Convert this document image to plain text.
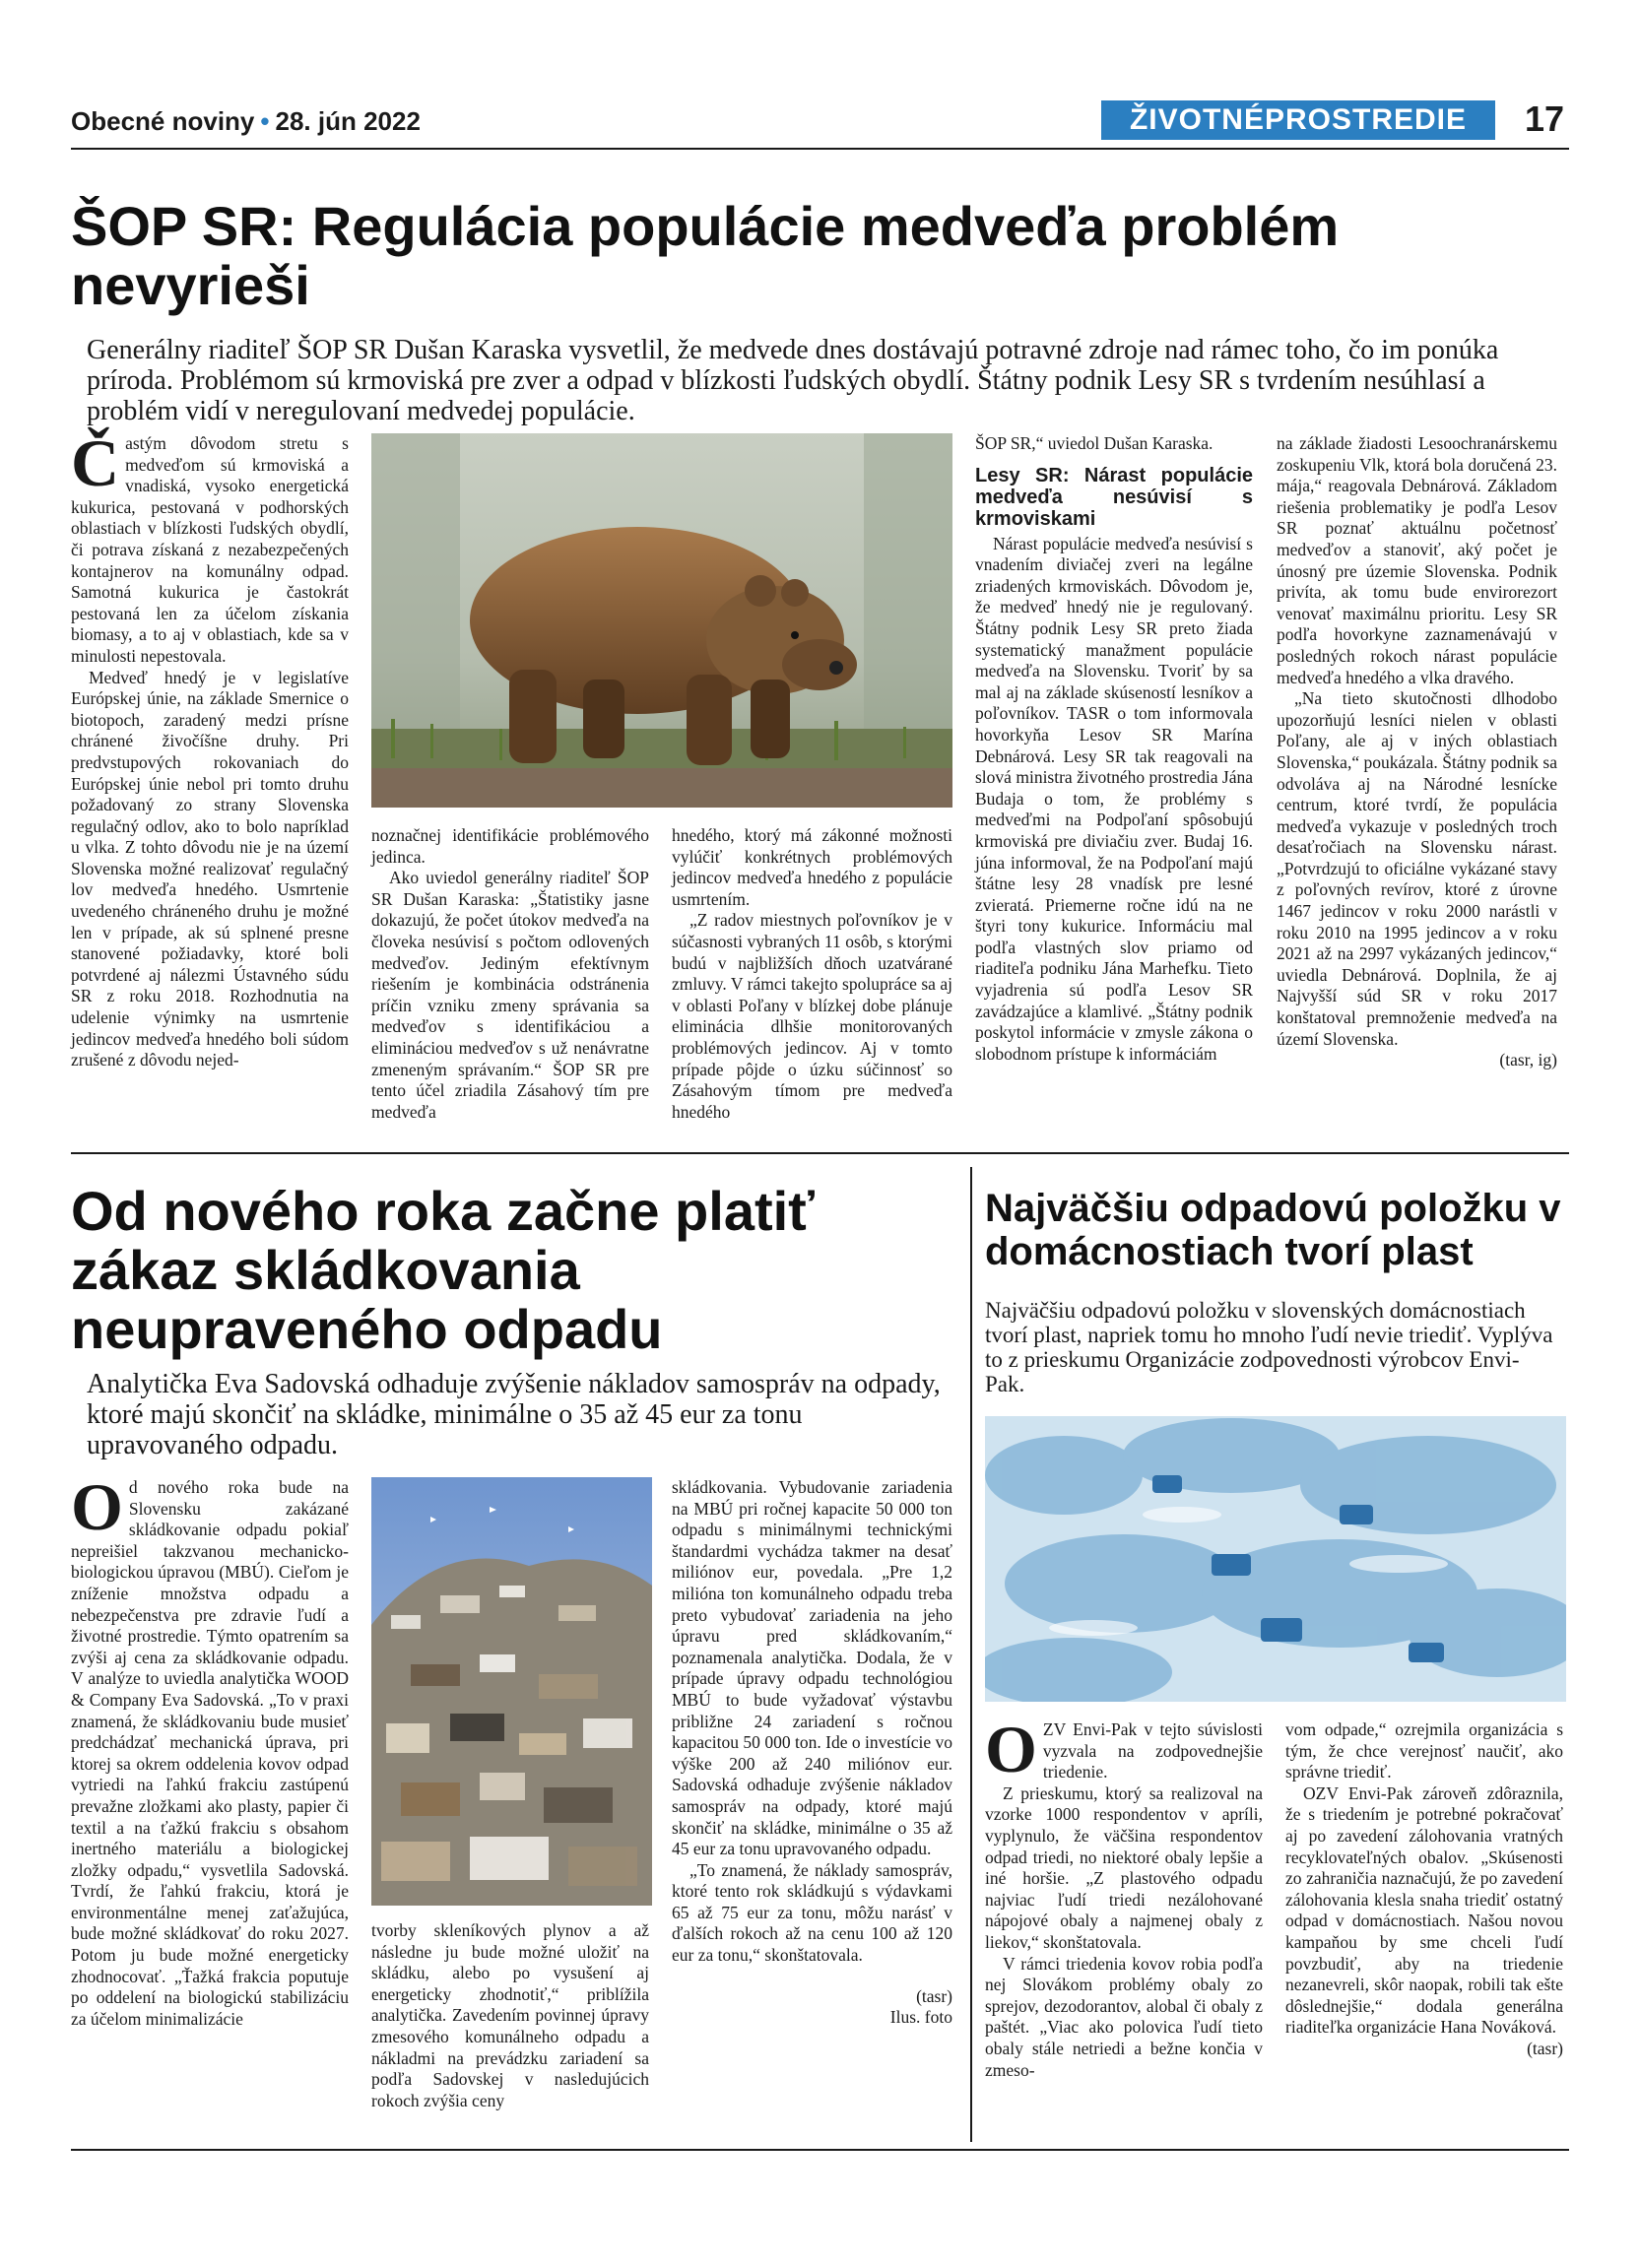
Obecné noviny • 28. jún 2022	ŽIVOTNÉPROSTREDIE	17
ŠOP SR: Regulácia populácie medveďa problém nevyrieši
Generálny riaditeľ ŠOP SR Dušan Karaska vysvetlil, že medvede dnes dostávajú potravné zdroje nad rámec toho, čo im ponúka príroda. Problémom sú krmoviská pre zver a odpad v blízkosti ľudských obydlí. Štátny podnik Lesy SR s tvrdením nesúhlasí a problém vidí v neregulovaní medvedej populácie.

Častým dôvodom stretu s medveďom sú krmoviská a vnadiská, vysoko energetická kukurica, pestovaná v podhorských oblastiach v blízkosti ľudských obydlí, či potrava získaná z nezabezpečených kontajnerov na komunálny odpad. Samotná kukurica je častokrát pestovaná len za účelom získania biomasy, a to aj v oblastiach, kde sa v minulosti nepestovala.

Medveď hnedý je v legislatíve Európskej únie, na základe Smernice o biotopoch, zaradený medzi prísne chránené živočíšne druhy. Pri predvstupových rokovaniach do Európskej únie nebol pri tomto druhu požadovaný zo strany Slovenska regulačný odlov, ako to bolo napríklad u vlka. Z tohto dôvodu nie je na území Slovenska možné realizovať regulačný lov medveďa hnedého. Usmrtenie uvedeného chráneného druhu je možné len v prípade, ak sú splnené presne stanovené požiadavky, ktoré boli potvrdené aj nálezmi Ústavného súdu SR z roku 2018. Rozhodnutia na udelenie výnimky na usmrtenie jedincov medveďa hnedého boli súdom zrušené z dôvodu nejed-

noznačnej identifikácie problémového jedinca.

Ako uviedol generálny riaditeľ ŠOP SR Dušan Karaska: „Štatistiky jasne dokazujú, že počet útokov medveďa na človeka nesúvisí s počtom odlovených medveďov. Jediným efektívnym riešením je kombinácia odstránenia príčin vzniku zmeny správania sa medveďov s identifikáciou a elimináciou medveďov s už nenávratne zmeneným správaním.“ ŠOP SR pre tento účel zriadila Zásahový tím pre medveďa

hnedého, ktorý má zákonné možnosti vylúčiť konkrétnych problémových jedincov medveďa hnedého z populácie usmrtením.

„Z radov miestnych poľovníkov je v súčasnosti vybraných 11 osôb, s ktorými budú v najbližších dňoch uzatvárané zmluvy. V rámci takejto spolupráce sa aj v oblasti Poľany v blízkej dobe plánuje eliminácia dlhšie monitorovaných problémových jedincov. Aj v tomto prípade pôjde o úzku súčinnosť so Zásahovým tímom pre medveďa hnedého

ŠOP SR,“ uviedol Dušan Karaska.

Lesy SR: Nárast populácie medveďa nesúvisí s krmoviskami

Nárast populácie medveďa nesúvisí s vnadením diviačej zveri na legálne zriadených krmoviskách. Dôvodom je, že medveď hnedý nie je regulovaný. Štátny podnik Lesy SR preto žiada systematický manažment populácie medveďa na Slovensku. Tvoriť by sa mal aj na základe skúseností lesníkov a poľovníkov. TASR o tom informovala hovorkyňa Lesov SR Marína Debnárová. Lesy SR tak reagovali na slová ministra životného prostredia Jána Budaja o tom, že problémy s medveďmi na Podpoľaní spôsobujú krmoviská pre diviačiu zver. Budaj 16. júna informoval, že na Podpoľaní majú štátne lesy 28 vnadísk pre lesné zvieratá. Priemerne ročne idú na ne štyri tony kukurice. Informáciu mal podľa vlastných slov priamo od riaditeľa podniku Jána Marhefku. Tieto vyjadrenia sú podľa Lesov SR zavádzajúce a klamlivé. „Štátny podnik poskytol informácie v zmysle zákona o slobodnom prístupe k informáciám

na základe žiadosti Lesoochranárskemu zoskupeniu Vlk, ktorá bola doručená 23. mája,“ reagovala Debnárová. Základom riešenia problematiky je podľa Lesov SR poznať aktuálnu početnosť medveďov a stanoviť, aký počet je únosný pre územie Slovenska. Podnik privíta, ak tomu bude envirorezort venovať maximálnu prioritu. Lesy SR podľa hovorkyne zaznamenávajú v posledných rokoch nárast populácie medveďa hnedého a vlka dravého.

„Na tieto skutočnosti dlhodobo upozorňujú lesníci nielen v oblasti Poľany, ale aj v iných oblastiach Slovenska,“ poukázala. Štátny podnik sa odvoláva aj na Národné lesnícke centrum, ktoré tvrdí, že populácia medveďa vykazuje v posledných troch desaťročiach na Slovensku nárast. „Potvrdzujú to oficiálne vykázané stavy z poľovných revírov, ktoré z úrovne 1467 jedincov v roku 2000 narástli v roku 2010 na 1995 jedincov a v roku 2021 až na 2997 vykázaných jedincov,“ uviedla Debnárová. Doplnila, že aj Najvyšší súd SR v roku 2017 konštatoval premnoženie medveďa na území Slovenska.

(tasr, ig)

Od nového roka začne platiť zákaz skládkovania neupraveného odpadu
Analytička Eva Sadovská odhaduje zvýšenie nákladov samospráv na odpady, ktoré majú skončiť na skládke, minimálne o 35 až 45 eur za tonu upravovaného odpadu.

Od nového roka bude na Slovensku zakázané skládkovanie odpadu pokiaľ nepreišiel takzvanou mechanicko-biologickou úpravou (MBÚ). Cieľom je zníženie množstva odpadu a nebezpečenstva pre zdravie ľudí a životné prostredie. Týmto opatrením sa zvýši aj cena za skládkovanie odpadu. V analýze to uviedla analytička WOOD & Company Eva Sadovská. „To v praxi znamená, že skládkovaniu bude musieť predchádzať mechanická úprava, pri ktorej sa okrem oddelenia kovov odpad vytriedi na ľahkú frakciu zastúpenú prevažne zložkami ako plasty, papier či textil a na ťažkú frakciu s obsahom inertného materiálu a biologickej zložky odpadu,“ vysvetlila Sadovská. Tvrdí, že ľahkú frakciu, ktorá je environmentálne menej zaťažujúca, bude možné skládkovať do roku 2027. Potom ju bude možné energeticky zhodnocovať. „Ťažká frakcia poputuje po oddelení na biologickú stabilizáciu za účelom minimalizácie

tvorby skleníkových plynov a až následne ju bude možné uložiť na skládku, alebo po vysušení aj energeticky zhodnotiť,“ priblížila analytička. Zavedením povinnej úpravy zmesového komunálneho odpadu a nákladmi na prevádzku zariadení sa podľa Sadovskej v nasledujúcich rokoch zvýšia ceny

skládkovania. Vybudovanie zariadenia na MBÚ pri ročnej kapacite 50 000 ton odpadu s minimálnymi technickými štandardmi vychádza takmer na desať miliónov eur, povedala. „Pre 1,2 milióna ton komunálneho odpadu treba preto vybudovať zariadenia na jeho úpravu pred skládkovaním,“ poznamenala analytička. Dodala, že v prípade úpravy odpadu technológiou MBÚ to bude vyžadovať výstavbu približne 24 zariadení s ročnou kapacitou 50 000 ton. Ide o investície vo výške 200 až 240 miliónov eur. Sadovská odhaduje zvýšenie nákladov samospráv na odpady, ktoré majú skončiť na skládke, minimálne o 35 až 45 eur za tonu upravovaného odpadu.

„To znamená, že náklady samospráv, ktoré tento rok skládkujú s výdavkami 65 až 75 eur za tonu, môžu narásť v ďalších rokoch až na cenu 100 až 120 eur za tonu,“ skonštatovala.

(tasr)

Ilus. foto

Najväčšiu odpadovú položku v domácnostiach tvorí plast
Najväčšiu odpadovú položku v slovenských domácnostiach tvorí plast, napriek tomu ho mnoho ľudí nevie triediť. Vyplýva to z prieskumu Organizácie zodpovednosti výrobcov Envi-Pak.

OZV Envi-Pak v tejto súvislosti vyzvala na zodpovednejšie triedenie.

Z prieskumu, ktorý sa realizoval na vzorke 1000 respondentov v apríli, vyplynulo, že väčšina respondentov odpad triedi, no niektoré obaly lepšie a iné horšie. „Z plastového odpadu najviac ľudí triedi nezálohované nápojové obaly a najmenej obaly z liekov,“ skonštatovala.

V rámci triedenia kovov robia podľa nej Slovákom problémy obaly zo sprejov, dezodorantov, alobal či obaly z paštét. „Viac ako polovica ľudí tieto obaly stále netriedi a bežne končia v zmeso-

vom odpade,“ ozrejmila organizácia s tým, že chce verejnosť naučiť, ako správne triediť.

OZV Envi-Pak zároveň zdôraznila, že s triedením je potrebné pokračovať aj po zavedení zálohovania vratných recyklovateľných obalov. „Skúsenosti zo zahraničia naznačujú, že po zavedení zálohovania klesla snaha triediť ostatný odpad v domácnostiach. Našou novou kampaňou by sme chceli ľudí povzbudiť, aby na triedenie nezanevreli, skôr naopak, robili tak ešte dôslednejšie,“ dodala generálna riaditeľka organizácie Hana Nováková.

(tasr)
